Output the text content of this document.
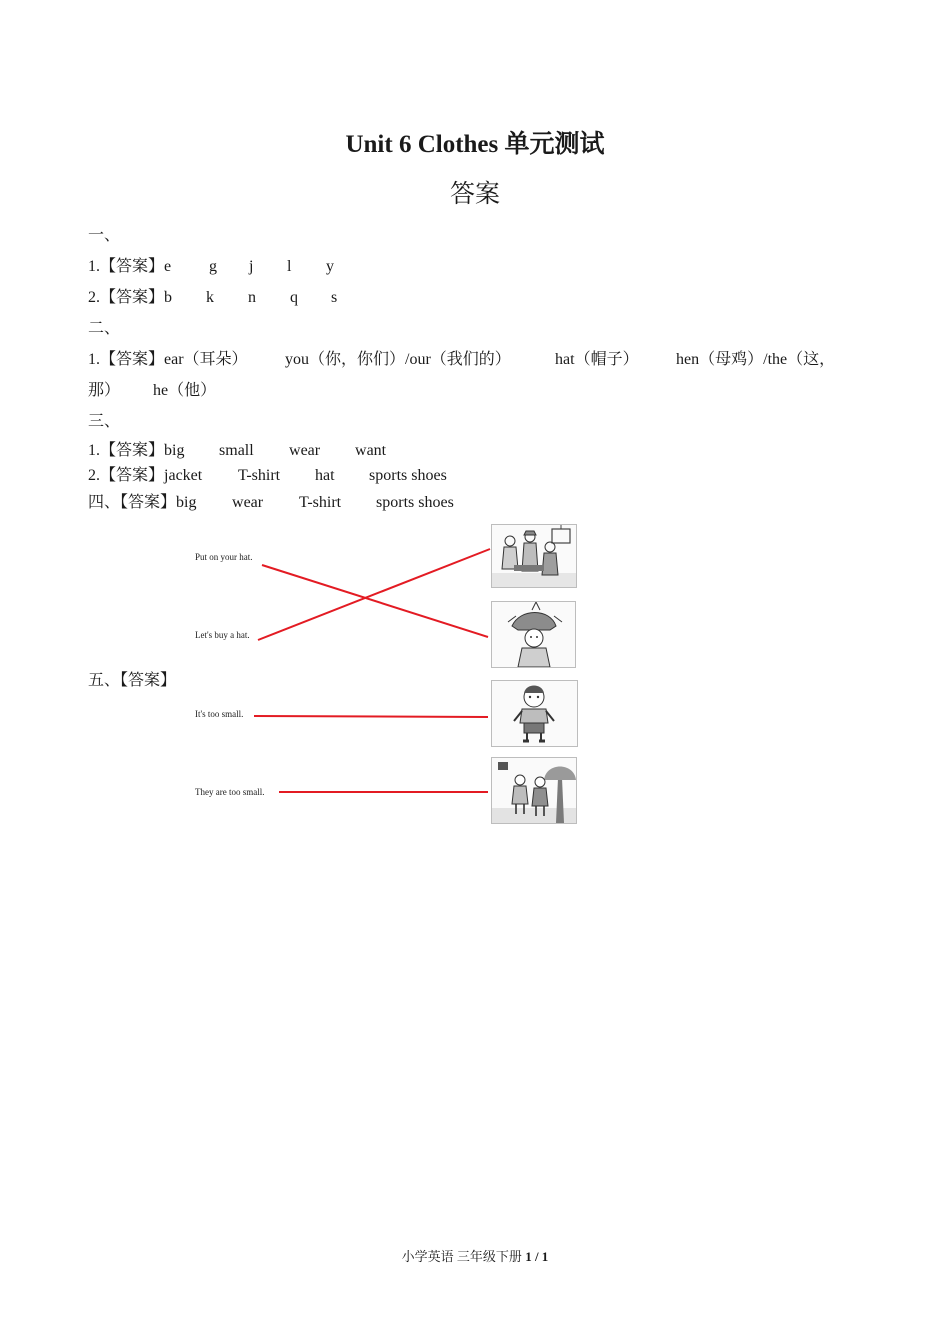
Unit 6 Clothes 单元测试
答案
一、
1.【答案】e g j l y
2.【答案】b k n q s
二、
1.【答案】ear（耳朵） you（你，你们）/our（我们的）	hat（帽子） hen（母鸡）/the（这，
那） he（他）
三、
1.【答案】big small wear want
2.【答案】jacket T-shirt hat sports shoes
四、【答案】big wear T-shirt sports shoes
Put on your hat.
Let's buy a hat.
五、【答案】
It's too small.
They are too small.
小学英语 三年级下册 1 / 1
